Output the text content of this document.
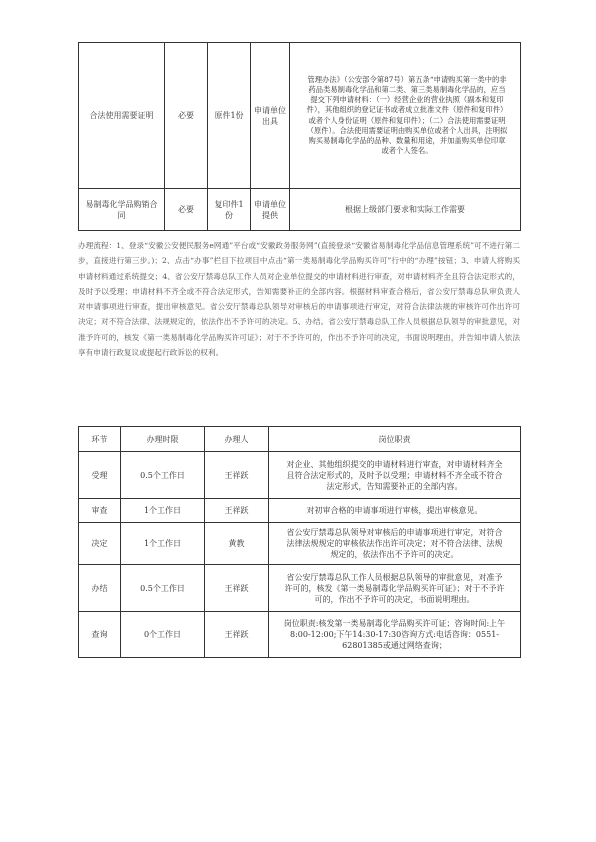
合法使用需要证明	必要	原件1份	申请单位出具	管理办法》（公安部令第87号）第五条“申请购买第一类中的非药品类易制毒化学品和第二类、第三类易制毒化学品的，应当提交下列申请材料：（一）经营企业的营业执照（副本和复印件），其他组织的登记证书或者成立批准文件（原件和复印件）或者个人身份证明（原件和复印件）；（二）合法使用需要证明（原件）。合法使用需要证明由购买单位或者个人出具，注明拟购买易制毒化学品的品种、数量和用途，并加盖购买单位印章或者个人签名。
易制毒化学品购销合同	必要	复印件1份	申请单位提供	根据上级部门要求和实际工作需要
办理流程：1、登录“安徽公安便民服务e网通”平台或“安徽政务服务网”(直接登录“安徽省易制毒化学品信息管理系统”可不进行第二步，直接进行第三步。)；2、点击“办事”栏目下拉项目中点击“第一类易制毒化学品购买许可”行中的“办理”按钮；3、申请人将购买申请材料通过系统提交；4、省公安厅禁毒总队工作人员对企业单位提交的申请材料进行审查，对申请材料齐全且符合法定形式的，及时予以受理；申请材料不齐全或不符合法定形式，告知需要补正的全部内容。根据材料审查合格后，省公安厅禁毒总队审负责人对申请事项进行审查，提出审核意见。省公安厅禁毒总队领导对审核后的申请事项进行审定，对符合法律法规的审核许可作出许可决定；对不符合法律、法规规定的，依法作出不予许可的决定。5、办结。省公安厅禁毒总队工作人员根据总队领导的审批意见，对准予许可的，核发《第一类易制毒化学品购买许可证》；对于不予许可的，作出不予许可的决定，书面说明理由，并告知申请人依法享有申请行政复议或提起行政诉讼的权利。
环节	办理时限	办理人	岗位职责
受理	0.5个工作日	王祥跃	对企业、其他组织提交的申请材料进行审查，对申请材料齐全且符合法定形式的，及时予以受理；申请材料不齐全或不符合法定形式，告知需要补正的全部内容。
审查	1个工作日	王祥跃	对初审合格的申请事项进行审核，提出审核意见。
决定	1个工作日	黄教	省公安厅禁毒总队领导对审核后的申请事项进行审定，对符合法律法规规定的审核依法作出许可决定；对不符合法律、法规规定的，依法作出不予许可的决定。
办结	0.5个工作日	王祥跃	省公安厅禁毒总队工作人员根据总队领导的审批意见，对准予许可的，核发《第一类易制毒化学品购买许可证》；对于不予许可的，作出不予许可的决定，书面说明理由。
查询	0个工作日	王祥跃	岗位职责:核发第一类易制毒化学品购买许可证；咨询时间:上午8:00-12:00;下午14:30-17:30咨询方式:电话咨询：0551-62801385或通过网络查询；
